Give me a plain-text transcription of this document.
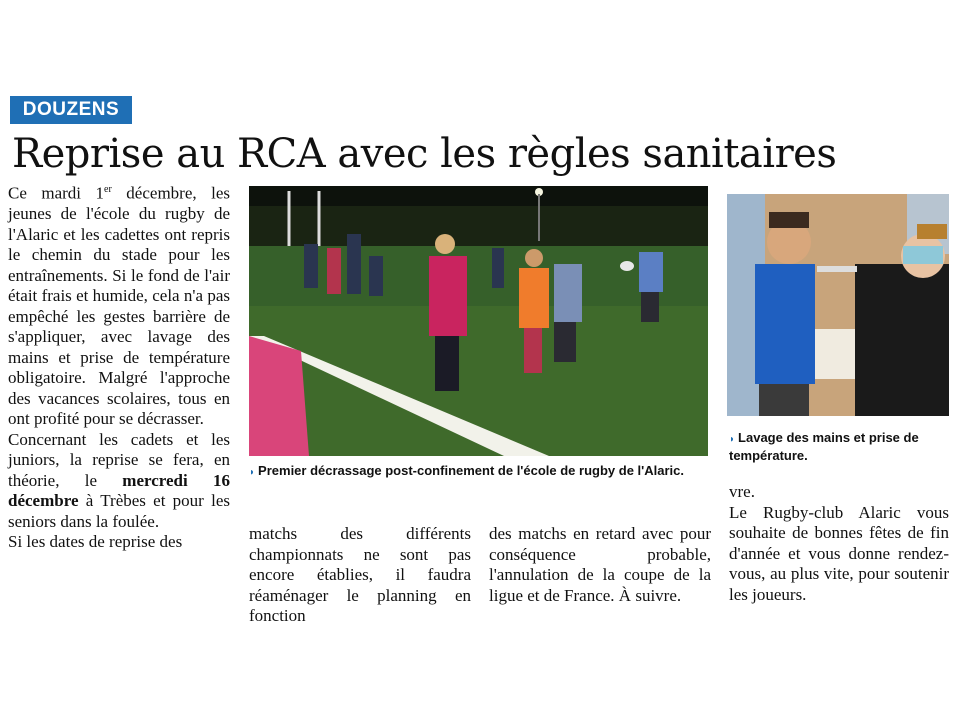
DOUZENS
Reprise au RCA avec les règles sanitaires

Ce mardi 1er décembre, les jeunes de l'école du rugby de l'Alaric et les cadettes ont repris le chemin du stade pour les entraînements. Si le fond de l'air était frais et humide, cela n'a pas empêché les gestes barrière de s'appliquer, avec lavage des mains et prise de température obligatoire. Malgré l'approche des vacances scolaires, tous en ont profité pour se décrasser.

Concernant les cadets et les juniors, la reprise se fera, en théorie, le mercredi 16 décembre à Trèbes et pour les seniors dans la foulée.

Si les dates de reprise des

◗ Premier décrassage post-confinement de l'école de rugby de l'Alaric.
◗ Lavage des mains et prise de température.

matchs des différents championnats ne sont pas encore établies, il faudra réaménager le planning en fonction

des matchs en retard avec pour conséquence probable, l'annulation de la coupe de la ligue et de France. À suivre.

vre.

Le Rugby-club Alaric vous souhaite de bonnes fêtes de fin d'année et vous donne rendez-vous, au plus vite, pour soutenir les joueurs.
